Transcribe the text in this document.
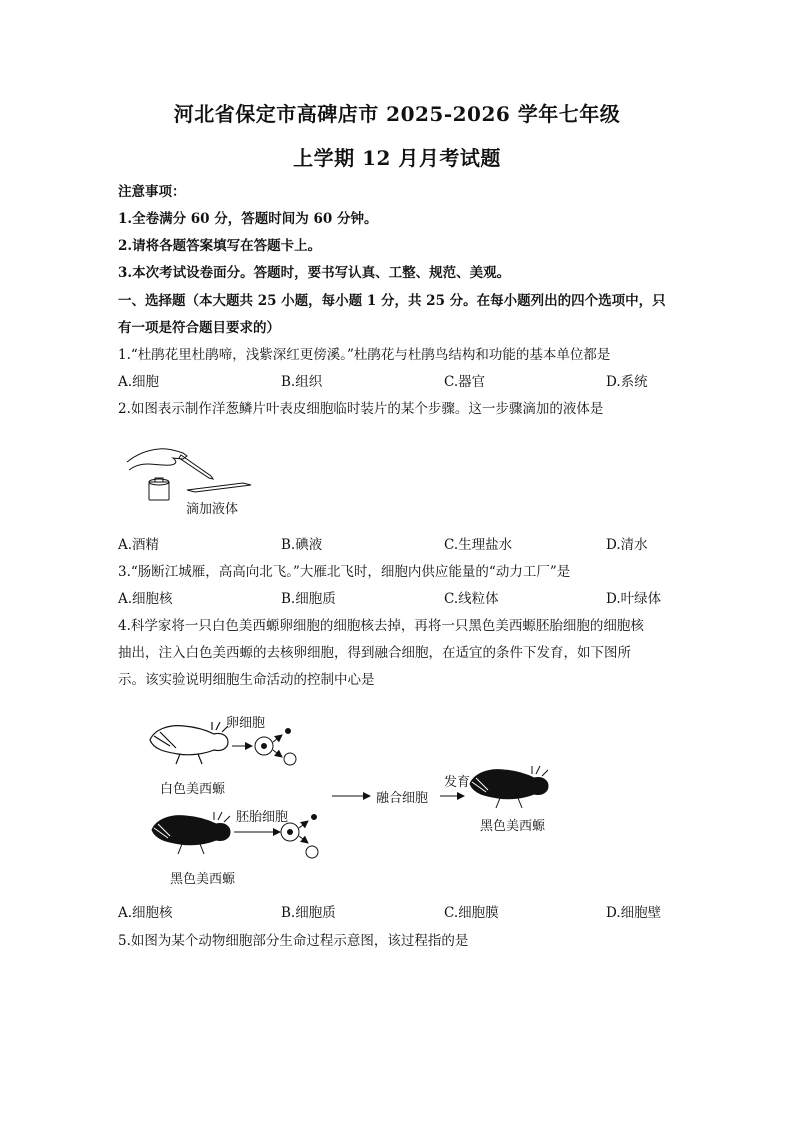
河北省保定市高碑店市 2025-2026 学年七年级
上学期 12 月月考试题
注意事项：
1.全卷满分 60 分，答题时间为 60 分钟。
2.请将各题答案填写在答题卡上。
3.本次考试设卷面分。答题时，要书写认真、工整、规范、美观。
一、选择题（本大题共 25 小题，每小题 1 分，共 25 分。在每小题列出的四个选项中，只
有一项是符合题目要求的）
1.“杜鹃花里杜鹃啼，浅紫深红更傍溪。”杜鹃花与杜鹃鸟结构和功能的基本单位都是
A.细胞	B.组织	C.器官	D.系统
2.如图表示制作洋葱鳞片叶表皮细胞临时装片的某个步骤。这一步骤滴加的液体是
滴加液体
A.酒精	B.碘液	C.生理盐水	D.清水
3.“肠断江城雁，高高向北飞。”大雁北飞时，细胞内供应能量的“动力工厂”是
A.细胞核	B.细胞质	C.线粒体	D.叶绿体
4.科学家将一只白色美西螈卵细胞的细胞核去掉，再将一只黑色美西螈胚胎细胞的细胞核
抽出，注入白色美西螈的去核卵细胞，得到融合细胞，在适宜的条件下发育，如下图所
示。该实验说明细胞生命活动的控制中心是
卵细胞
白色美西螈
胚胎细胞
黑色美西螈
融合细胞
发育
黑色美西螈
A.细胞核	B.细胞质	C.细胞膜	D.细胞壁
5.如图为某个动物细胞部分生命过程示意图，该过程指的是
